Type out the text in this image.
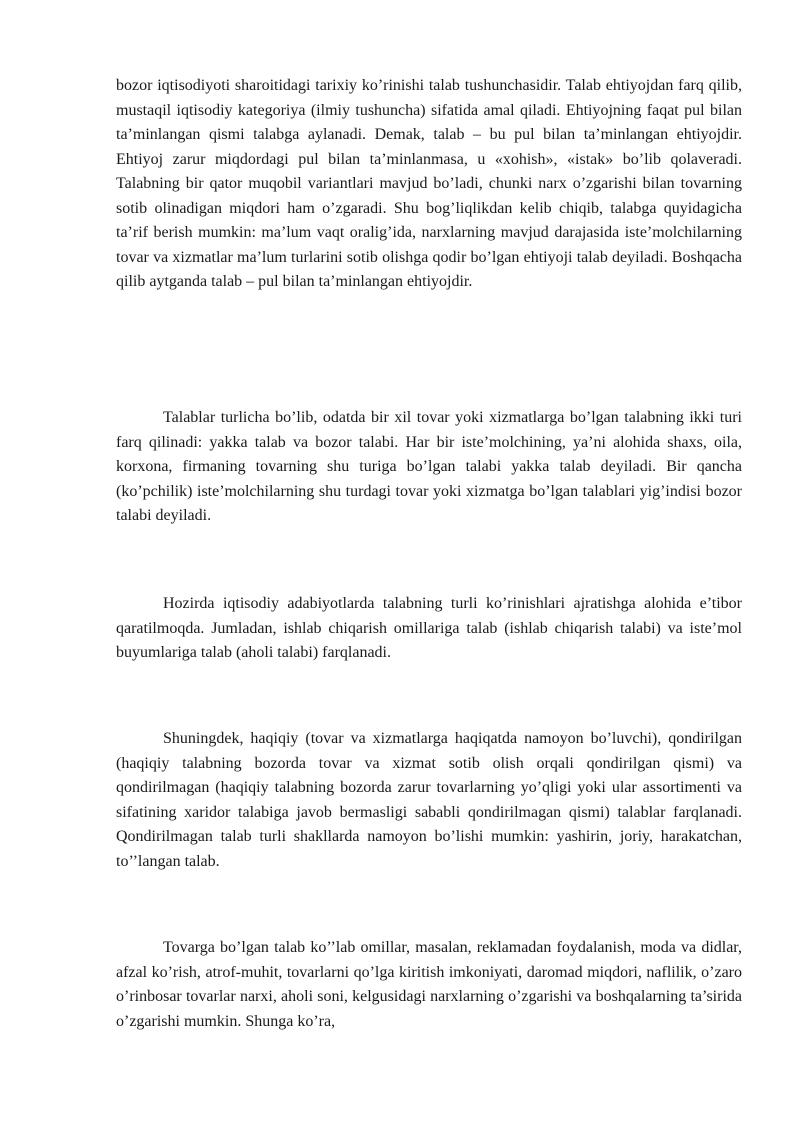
bozor iqtisodiyoti sharoitidagi tarixiy ko’rinishi talab tushunchasidir. Talab ehtiyojdan farq qilib, mustaqil iqtisodiy kategoriya (ilmiy tushuncha) sifatida amal qiladi. Ehtiyojning faqat pul bilan ta’minlangan qismi talabga aylanadi. Demak, talab – bu pul bilan ta’minlangan ehtiyojdir. Ehtiyoj zarur miqdordagi pul bilan ta’minlanmasa, u «xohish», «istak» bo’lib qolaveradi. Talabning bir qator muqobil variantlari mavjud bo’ladi, chunki narx o’zgarishi bilan tovarning sotib olinadigan miqdori ham o’zgaradi. Shu bog’liqlikdan kelib chiqib, talabga quyidagicha ta’rif berish mumkin: ma’lum vaqt oralig’ida, narxlarning mavjud darajasida iste’molchilarning tovar va xizmatlar ma’lum turlarini sotib olishga qodir bo’lgan ehtiyoji talab deyiladi. Boshqacha qilib aytganda talab – pul bilan ta’minlangan ehtiyojdir.

Talablar turlicha bo’lib, odatda bir xil tovar yoki xizmatlarga bo’lgan talabning ikki turi farq qilinadi: yakka talab va bozor talabi. Har bir iste’molchining, ya’ni alohida shaxs, oila, korxona, firmaning tovarning shu turiga bo’lgan talabi yakka talab deyiladi. Bir qancha (ko’pchilik) iste’molchilarning shu turdagi tovar yoki xizmatga bo’lgan talablari yig’indisi bozor talabi deyiladi.

Hozirda iqtisodiy adabiyotlarda talabning turli ko’rinishlari ajratishga alohida e’tibor qaratilmoqda. Jumladan, ishlab chiqarish omillariga talab (ishlab chiqarish talabi) va iste’mol buyumlariga talab (aholi talabi) farqlanadi.

Shuningdek, haqiqiy (tovar va xizmatlarga haqiqatda namoyon bo’luvchi), qondirilgan (haqiqiy talabning bozorda tovar va xizmat sotib olish orqali qondirilgan qismi) va qondirilmagan (haqiqiy talabning bozorda zarur tovarlarning yo’qligi yoki ular assortimenti va sifatining xaridor talabiga javob bermasligi sababli qondirilmagan qismi) talablar farqlanadi. Qondirilmagan talab turli shakllarda namoyon bo’lishi mumkin: yashirin, joriy, harakatchan, to’’langan talab.

Tovarga bo’lgan talab ko’’lab omillar, masalan, reklamadan foydalanish, moda va didlar, afzal ko’rish, atrof-muhit, tovarlarni qo’lga kiritish imkoniyati, daromad miqdori, naflilik, o’zaro o’rinbosar tovarlar narxi, aholi soni, kelgusidagi narxlarning o’zgarishi va boshqalarning ta’sirida o’zgarishi mumkin. Shunga ko’ra,
